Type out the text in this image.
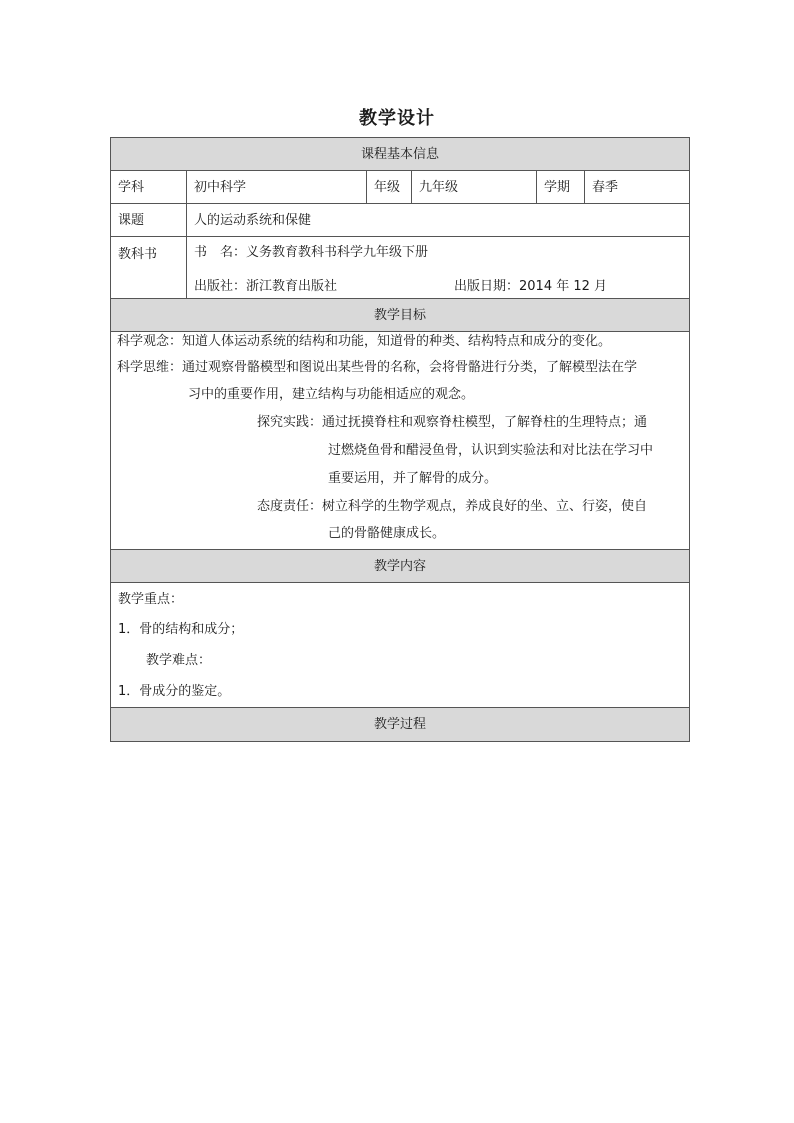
教学设计
课程基本信息
学科	初中科学	年级	九年级	学期	春季
课题	人的运动系统和保健
教科书	书　名：义务教育教科书科学九年级下册
出版社：浙江教育出版社	出版日期：2014 年 12 月
教学目标
科学观念：知道人体运动系统的结构和功能，知道骨的种类、结构特点和成分的变化。
科学思维：通过观察骨骼模型和图说出某些骨的名称，会将骨骼进行分类，了解模型法在学
习中的重要作用，建立结构与功能相适应的观念。
探究实践：通过抚摸脊柱和观察脊柱模型，了解脊柱的生理特点；通
过燃烧鱼骨和醋浸鱼骨，认识到实验法和对比法在学习中
重要运用，并了解骨的成分。
态度责任：树立科学的生物学观点，养成良好的坐、立、行姿，使自
己的骨骼健康成长。
教学内容
教学重点：
1．骨的结构和成分；
教学难点：
1．骨成分的鉴定。
教学过程
